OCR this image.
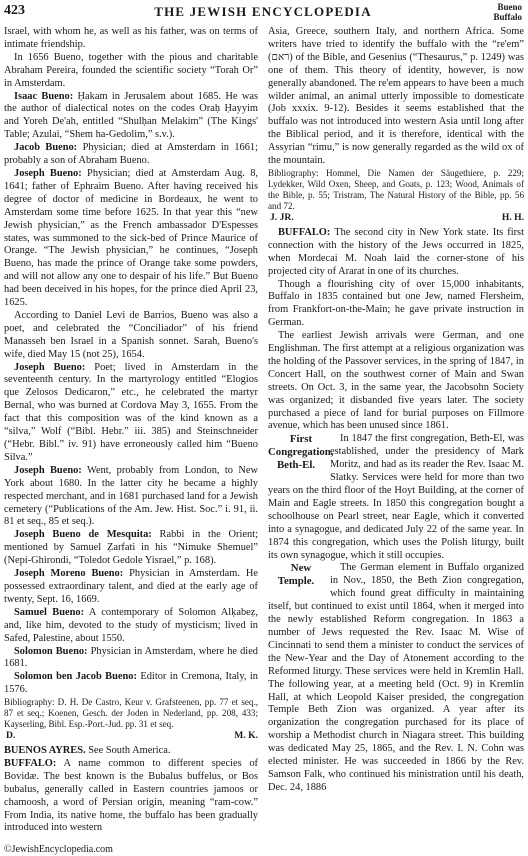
423	THE JEWISH ENCYCLOPEDIA	Bueno
Buffalo

Israel, with whom he, as well as his father, was on terms of intimate friendship.

In 1656 Bueno, together with the pious and charitable Abraham Pereira, founded the scientific society “Torah Or” in Amsterdam.

Isaac Bueno: Ḥakam in Jerusalem about 1685. He was the author of dialectical notes on the codes Oraḥ Ḥayyim and Yoreh De'ah, entitled “Shulḥan Melakim” (The Kings' Table; Azulai, “Shem ha-Gedolim,” s.v.).

Jacob Bueno: Physician; died at Amsterdam in 1661; probably a son of Abraham Bueno.

Joseph Bueno: Physician; died at Amsterdam Aug. 8, 1641; father of Ephraim Bueno. After having received his degree of doctor of medicine in Bordeaux, he went to Amsterdam some time before 1625. In that year this “new Jewish physician,” as the French ambassador D'Espesses states, was summoned to the sick-bed of Prince Maurice of Orange. “The Jewish physician,” he continues, “Joseph Bueno, has made the prince of Orange take some powders, and will not allow any one to despair of his life.” But Bueno had been deceived in his hopes, for the prince died April 23, 1625.

According to Daniel Levi de Barrios, Bueno was also a poet, and celebrated the “Conciliador” of his friend Manasseh ben Israel in a Spanish sonnet. Sarah, Bueno's wife, died May 15 (not 25), 1654.

Joseph Bueno: Poet; lived in Amsterdam in the seventeenth century. In the martyrology entitled “Elogios que Zelosos Dedicaron,” etc., he celebrated the martyr Bernal, who was burned at Cordova May 3, 1655. From the fact that this composition was of the kind known as a “silva,” Wolf (“Bibl. Hebr.” iii. 385) and Steinschneider (“Hebr. Bibl.” iv. 91) have erroneously called him “Bueno Silva.”

Joseph Bueno: Went, probably from London, to New York about 1680. In the latter city he became a highly respected merchant, and in 1681 purchased land for a Jewish cemetery (“Publications of the Am. Jew. Hist. Soc.” i. 91, ii. 81 et seq., 85 et seq.).

Joseph Bueno de Mesquita: Rabbi in the Orient; mentioned by Samuel Ẓarfati in his “Nimuke Shemuel” (Nepi-Ghirondi, “Toledot Gedole Yisrael,” p. 168).

Joseph Moreno Bueno: Physician in Amsterdam. He possessed extraordinary talent, and died at the early age of twenty, Sept. 16, 1669.

Samuel Bueno: A contemporary of Solomon Alḳabeẓ, and, like him, devoted to the study of mysticism; lived in Safed, Palestine, about 1550.

Solomon Bueno: Physician in Amsterdam, where he died 1681.

Solomon ben Jacob Bueno: Editor in Cremona, Italy, in 1576.

Bibliography: D. H. De Castro, Keur v. Grafsteenen, pp. 77 et seq., 87 et seq.; Koenen, Gesch. der Joden in Nederland, pp. 208, 433; Kayserling, Bibl. Esp.-Port.-Jud. pp. 31 et seq.

D.	M. K.

BUENOS AYRES. See South America.

BUFFALO: A name common to different species of Bovidæ. The best known is the Bubalus buffelus, or Bos bubalus, generally called in Eastern countries jamoos or chamoosh, a word of Persian origin, meaning “ram-cow.” From India, its native home, the buffalo has been gradually introduced into western

Asia, Greece, southern Italy, and northern Africa. Some writers have tried to identify the buffalo with the “re'em” (ראם) of the Bible, and Gesenius (“Thesaurus,” p. 1249) was one of them. This theory of identity, however, is now generally abandoned. The re'em appears to have been a much wilder animal, an animal utterly impossible to domesticate (Job xxxix. 9-12). Besides it seems established that the buffalo was not introduced into western Asia until long after the Biblical period, and it is therefore, identical with the Assyrian “rimu,” is now generally regarded as the wild ox of the mountain.

Bibliography: Hommel, Die Namen der Säugethiere, p. 229; Lydekker, Wild Oxen, Sheep, and Goats, p. 123; Wood, Animals of the Bible, p. 55; Tristram, The Natural History of the Bible, pp. 56 and 72.

J. JR.	H. H.

BUFFALO: The second city in New York state. Its first connection with the history of the Jews occurred in 1825, when Mordecai M. Noah laid the corner-stone of his projected city of Ararat in one of its churches.

Though a flourishing city of over 15,000 inhabitants, Buffalo in 1835 contained but one Jew, named Flersheim, from Frankfort-on-the-Main; he gave private instruction in German.

The earliest Jewish arrivals were German, and one Englishman. The first attempt at a religious organization was the holding of the Passover services, in the spring of 1847, in Concert Hall, on the southwest corner of Main and Swan streets. On Oct. 3, in the same year, the Jacobsohn Society was organized; it disbanded five years later. The society purchased a piece of land for burial purposes on Fillmore avenue, which has been unused since 1861.

First Congregation, Beth-El.
In 1847 the first congregation, Beth-El, was established, under the presidency of Mark Moritz, and had as its reader the Rev. Isaac M. Slatky. Services were held for more than two years on the third floor of the Hoyt Building, at the corner of Main and Eagle streets. In 1850 this congregation bought a schoolhouse on Pearl street, near Eagle, which it converted into a synagogue, and dedicated July 22 of the same year. In 1874 this congregation, which uses the Polish liturgy, built its own synagogue, which it still occupies.

New Temple.
The German element in Buffalo organized in Nov., 1850, the Beth Zion congregation, which found great difficulty in maintaining itself, but continued to exist until 1864, when it merged into the newly established Reform congregation. In 1863 a number of Jews requested the Rev. Isaac M. Wise of Cincinnati to send them a minister to conduct the services of the New-Year and the Day of Atonement according to the Reformed liturgy. These services were held in Kremlin Hall. The following year, at a meeting held (Oct. 9) in Kremlin Hall, at which Leopold Kaiser presided, the congregation Temple Beth Zion was organized. A year after its organization the congregation purchased for its place of worship a Methodist church in Niagara street. This building was dedicated May 25, 1865, and the Rev. I. N. Cohn was elected minister. He was succeeded in 1866 by the Rev. Samson Falk, who continued his ministration until his death, Dec. 24, 1886

©JewishEncyclopedia.com
